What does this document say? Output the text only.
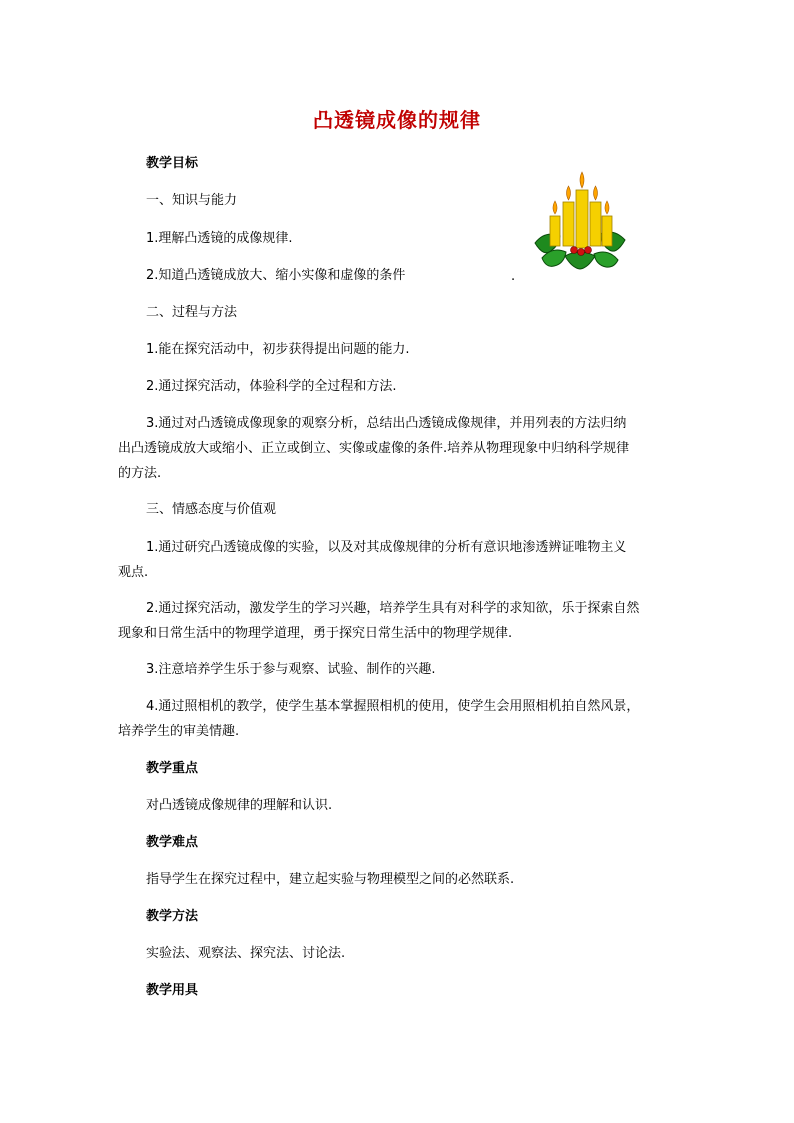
凸透镜成像的规律
教学目标
一、知识与能力
1.理解凸透镜的成像规律.
2.知道凸透镜成放大、缩小实像和虚像的条件	.
二、过程与方法
1.能在探究活动中，初步获得提出问题的能力.
2.通过探究活动，体验科学的全过程和方法.
3.通过对凸透镜成像现象的观察分析，总结出凸透镜成像规律，并用列表的方法归纳
出凸透镜成放大或缩小、正立或倒立、实像或虚像的条件.培养从物理现象中归纳科学规律
的方法.
三、情感态度与价值观
1.通过研究凸透镜成像的实验，以及对其成像规律的分析有意识地渗透辨证唯物主义
观点.
2.通过探究活动，激发学生的学习兴趣，培养学生具有对科学的求知欲，乐于探索自然
现象和日常生活中的物理学道理，勇于探究日常生活中的物理学规律.
3.注意培养学生乐于参与观察、试验、制作的兴趣.
4.通过照相机的教学，使学生基本掌握照相机的使用，使学生会用照相机拍自然风景，
培养学生的审美情趣.
教学重点
对凸透镜成像规律的理解和认识.
教学难点
指导学生在探究过程中，建立起实验与物理模型之间的必然联系.
教学方法
实验法、观察法、探究法、讨论法.
教学用具
